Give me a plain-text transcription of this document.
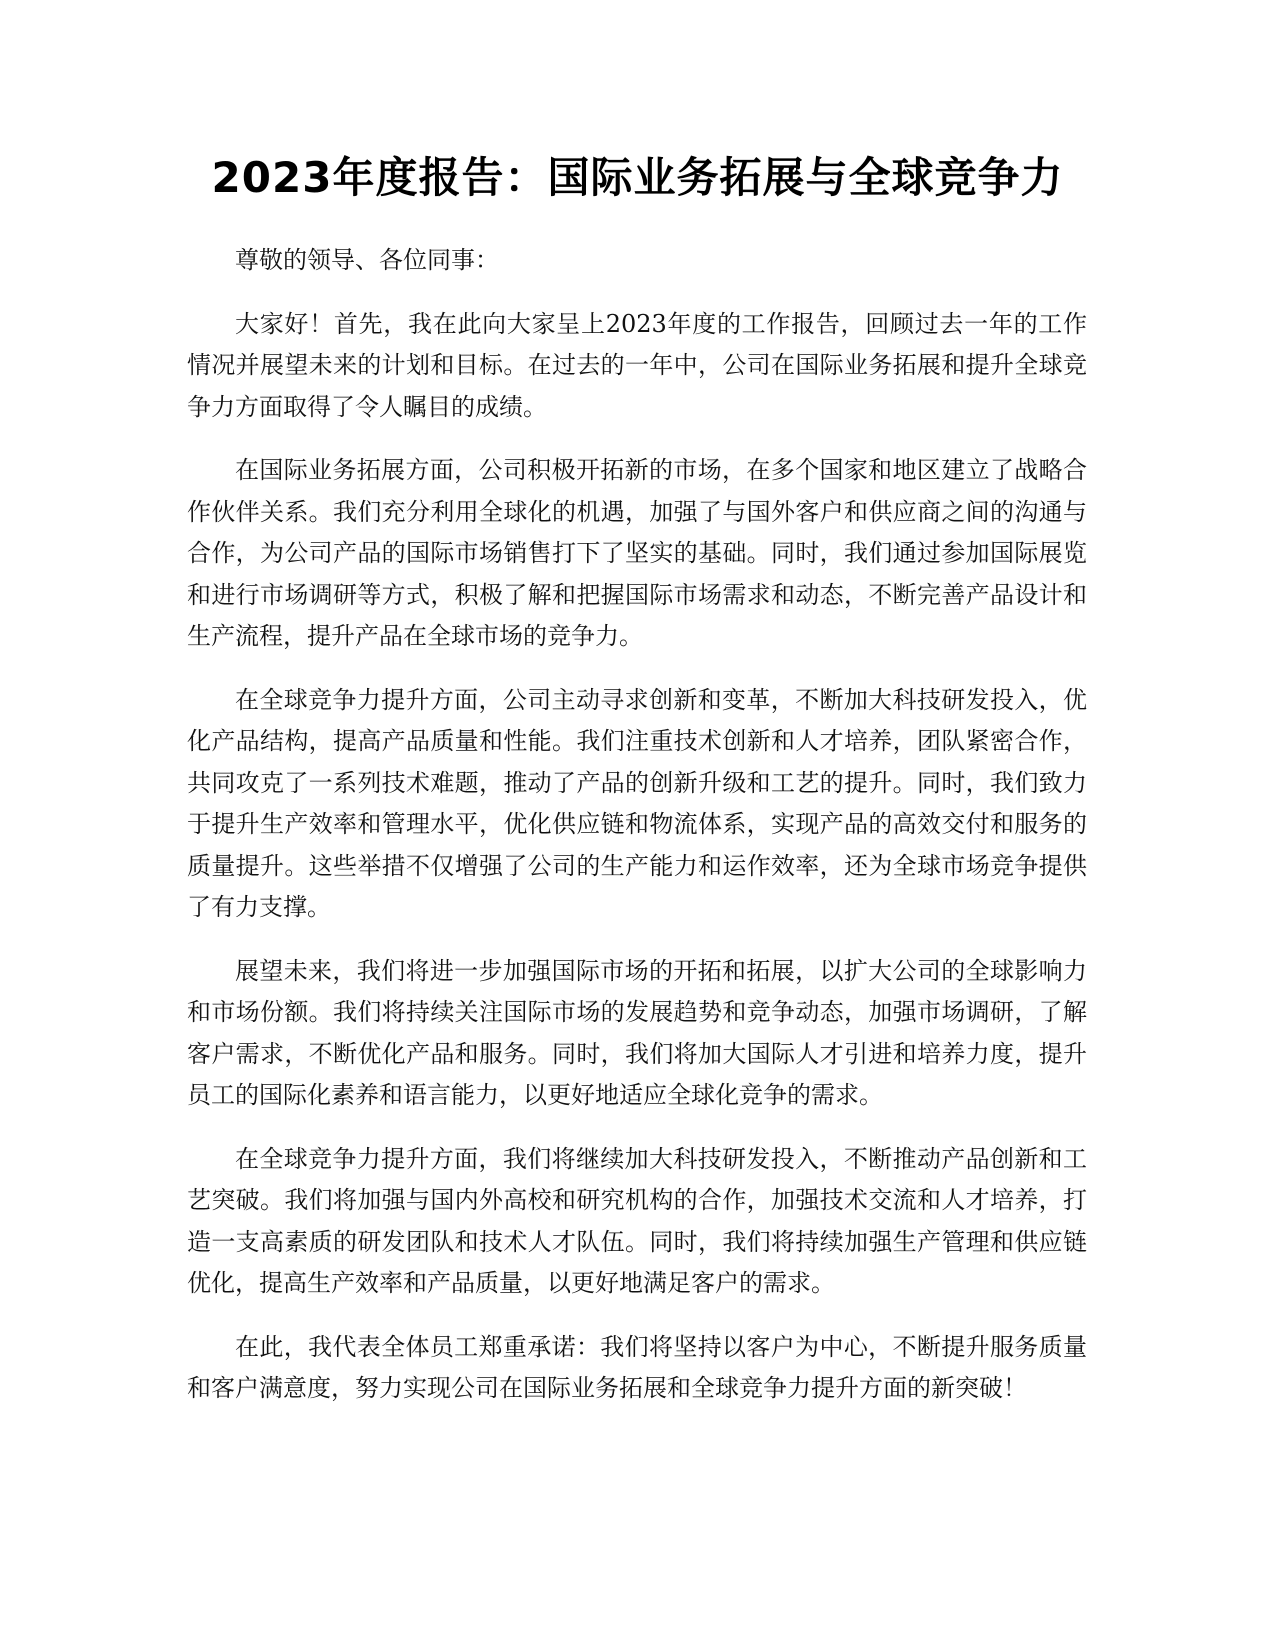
2023年度报告：国际业务拓展与全球竞争力

尊敬的领导、各位同事：

大家好！首先，我在此向大家呈上2023年度的工作报告，回顾过去一年的工作情况并展望未来的计划和目标。在过去的一年中，公司在国际业务拓展和提升全球竞争力方面取得了令人瞩目的成绩。

在国际业务拓展方面，公司积极开拓新的市场，在多个国家和地区建立了战略合作伙伴关系。我们充分利用全球化的机遇，加强了与国外客户和供应商之间的沟通与合作，为公司产品的国际市场销售打下了坚实的基础。同时，我们通过参加国际展览和进行市场调研等方式，积极了解和把握国际市场需求和动态，不断完善产品设计和生产流程，提升产品在全球市场的竞争力。

在全球竞争力提升方面，公司主动寻求创新和变革，不断加大科技研发投入，优化产品结构，提高产品质量和性能。我们注重技术创新和人才培养，团队紧密合作，共同攻克了一系列技术难题，推动了产品的创新升级和工艺的提升。同时，我们致力于提升生产效率和管理水平，优化供应链和物流体系，实现产品的高效交付和服务的质量提升。这些举措不仅增强了公司的生产能力和运作效率，还为全球市场竞争提供了有力支撑。

展望未来，我们将进一步加强国际市场的开拓和拓展，以扩大公司的全球影响力和市场份额。我们将持续关注国际市场的发展趋势和竞争动态，加强市场调研，了解客户需求，不断优化产品和服务。同时，我们将加大国际人才引进和培养力度，提升员工的国际化素养和语言能力，以更好地适应全球化竞争的需求。

在全球竞争力提升方面，我们将继续加大科技研发投入，不断推动产品创新和工艺突破。我们将加强与国内外高校和研究机构的合作，加强技术交流和人才培养，打造一支高素质的研发团队和技术人才队伍。同时，我们将持续加强生产管理和供应链优化，提高生产效率和产品质量，以更好地满足客户的需求。

在此，我代表全体员工郑重承诺：我们将坚持以客户为中心，不断提升服务质量和客户满意度，努力实现公司在国际业务拓展和全球竞争力提升方面的新突破！
